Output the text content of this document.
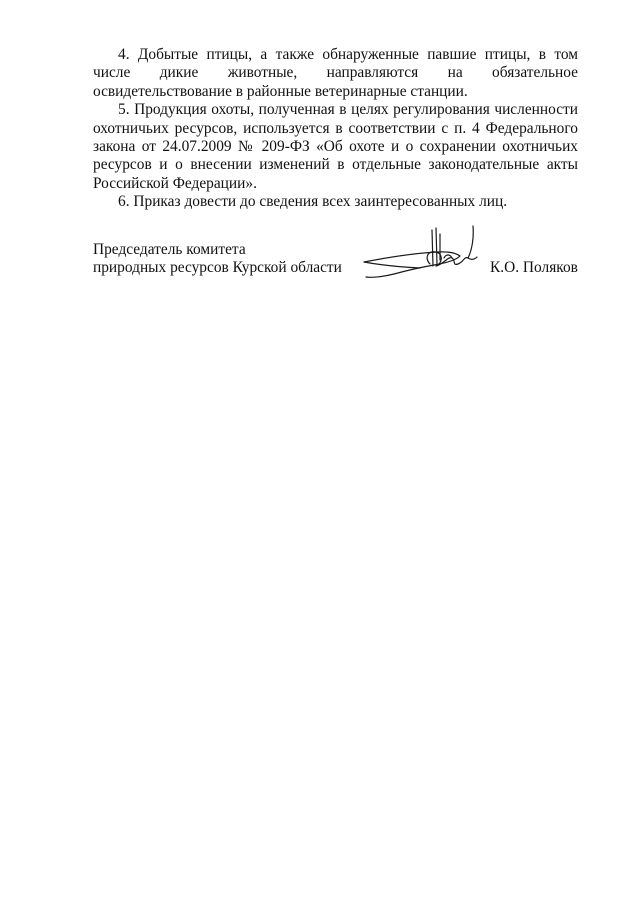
4. Добытые птицы, а также обнаруженные павшие птицы, в том числе дикие животные, направляются на обязательное освидетельствование в районные ветеринарные станции.

5. Продукция охоты, полученная в целях регулирования численности охотничьих ресурсов, используется в соответствии с п. 4 Федерального закона от 24.07.2009 № 209-ФЗ «Об охоте и о сохранении охотничьих ресурсов и о внесении изменений в отдельные законодательные акты Российской Федерации».

6. Приказ довести до сведения всех заинтересованных лиц.

Председатель комитета
природных ресурсов Курской области	К.О. Поляков
